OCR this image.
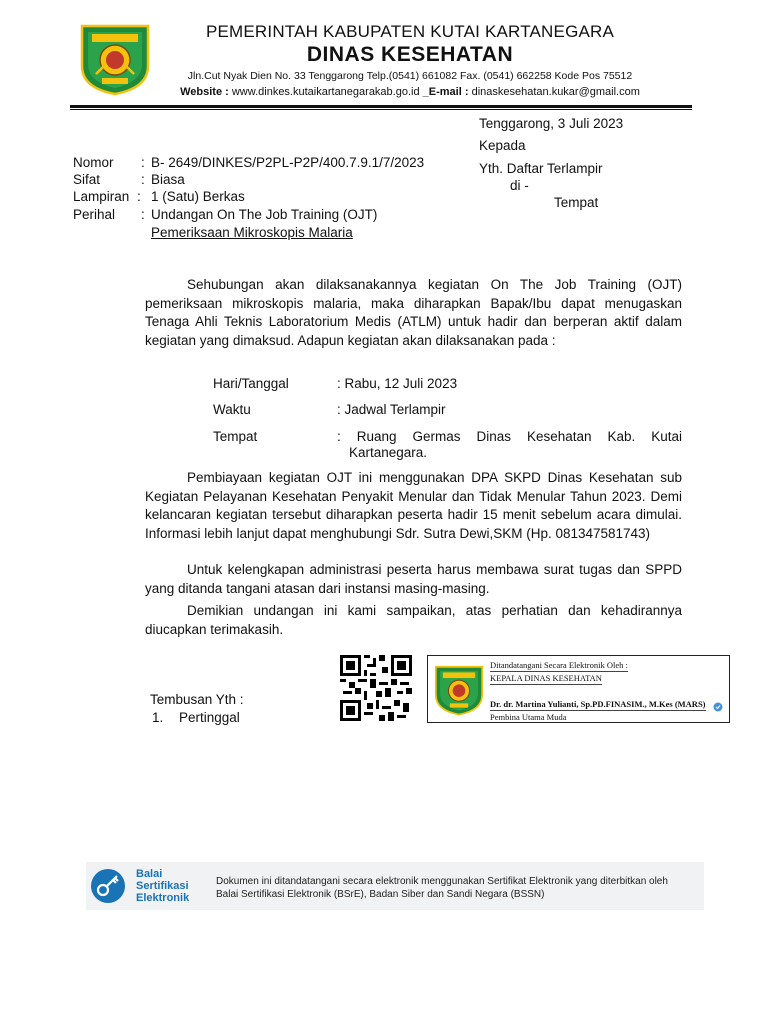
PEMERINTAH KABUPATEN KUTAI KARTANEGARA
DINAS KESEHATAN
Jln.Cut Nyak Dien No. 33 Tenggarong Telp.(0541) 661082 Fax. (0541) 662258 Kode Pos 75512
Website : www.dinkes.kutaikartanegarakab.go.id _E-mail : dinaskesehatan.kukar@gmail.com
Tenggarong, 3 Juli 2023
Kepada
Yth. Daftar Terlampir
di -
Tempat
Nomor : B- 2649/DINKES/P2PL-P2P/400.7.9.1/7/2023
Sifat	: Biasa
Lampiran : 1 (Satu) Berkas
Perihal : Undangan On The Job Training (OJT)
Pemeriksaan Mikroskopis Malaria
Sehubungan akan dilaksanakannya kegiatan On The Job Training (OJT) pemeriksaan mikroskopis malaria, maka diharapkan Bapak/Ibu dapat menugaskan Tenaga Ahli Teknis Laboratorium Medis (ATLM) untuk hadir dan berperan aktif dalam kegiatan yang dimaksud. Adapun kegiatan akan dilaksanakan pada :
Hari/Tanggal	: Rabu, 12 Juli 2023
Waktu	: Jadwal Terlampir
Tempat	: Ruang Germas Dinas Kesehatan Kab. Kutai
Kartanegara.
Pembiayaan kegiatan OJT ini menggunakan DPA SKPD Dinas Kesehatan sub Kegiatan Pelayanan Kesehatan Penyakit Menular dan Tidak Menular Tahun 2023. Demi kelancaran kegiatan tersebut diharapkan peserta hadir 15 menit sebelum acara dimulai. Informasi lebih lanjut dapat menghubungi Sdr. Sutra Dewi,SKM (Hp. 081347581743)
Untuk kelengkapan administrasi peserta harus membawa surat tugas dan SPPD yang ditanda tangani atasan dari instansi masing-masing.
Demikian undangan ini kami sampaikan, atas perhatian dan kehadirannya diucapkan terimakasih.
Tembusan Yth :
1. Pertinggal
Ditandatangani Secara Elektronik Oleh :
KEPALA DINAS KESEHATAN
Dr. dr. Martina Yulianti, Sp.PD.FINASIM., M.Kes (MARS)
Pembina Utama Muda
Balai
Sertifikasi
Elektronik
Dokumen ini ditandatangani secara elektronik menggunakan Sertifikat Elektronik yang diterbitkan oleh
Balai Sertifikasi Elektronik (BSrE), Badan Siber dan Sandi Negara (BSSN)
